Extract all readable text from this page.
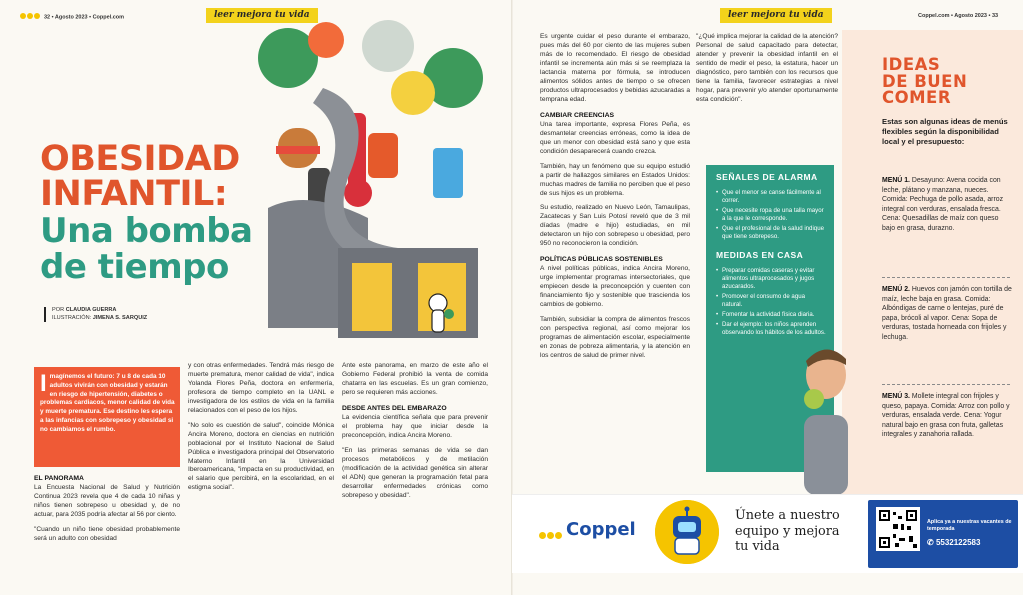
32 • Agosto 2023 • Coppel.com	leer mejora tu vida
OBESIDAD
INFANTIL:
Una bomba
de tiempo
POR CLAUDIA GUERRA
ILUSTRACIÓN: JIMENA S. SARQUIZ
Imagínemos el futuro: 7 u 8 de cada 10 adultos vivirán con obesidad y estarán en riesgo de hipertensión, diabetes o problemas cardiacos, menor calidad de vida y muerte prematura. Ese destino les espera a las infancias con sobrepeso y obesidad si no cambiamos el rumbo.
EL PANORAMA

La Encuesta Nacional de Salud y Nutrición Continua 2023 revela que 4 de cada 10 niñas y niños tienen sobrepeso u obesidad y, de no actuar, para 2035 podría afectar al 56 por ciento.

"Cuando un niño tiene obesidad probablemente será un adulto con obesidad

y con otras enfermedades. Tendrá más riesgo de muerte prematura, menor calidad de vida", indica Yolanda Flores Peña, doctora en enfermería, profesora de tiempo completo en la UANL e investigadora de los estilos de vida en la familia relacionados con el peso de los hijos.

"No solo es cuestión de salud", coincide Mónica Ancira Moreno, doctora en ciencias en nutrición poblacional por el Instituto Nacional de Salud Pública e investigadora principal del Observatorio Materno Infantil en la Universidad Iberoamericana, "impacta en su productividad, en el salario que percibirá, en la escolaridad, en el estigma social".

Ante este panorama, en marzo de este año el Gobierno Federal prohibió la venta de comida chatarra en las escuelas. Es un gran comienzo, pero se requieren más acciones.

DESDE ANTES DEL EMBARAZO

La evidencia científica señala que para prevenir el problema hay que iniciar desde la preconcepción, indica Ancira Moreno.

"En las primeras semanas de vida se dan procesos metabólicos y de metilación (modificación de la actividad genética sin alterar el ADN) que generan la programación fetal para desarrollar enfermedades crónicas como sobrepeso y obesidad".

leer mejora tu vida	Coppel.com • Agosto 2023 • 33

Es urgente cuidar el peso durante el embarazo, pues más del 60 por ciento de las mujeres suben más de lo recomendado. El riesgo de obesidad infantil se incrementa aún más si se reemplaza la lactancia materna por fórmula, se introducen alimentos sólidos antes de tiempo o se ofrecen productos ultraprocesados y bebidas azucaradas a temprana edad.

CAMBIAR CREENCIAS

Una tarea importante, expresa Flores Peña, es desmantelar creencias erróneas, como la idea de que un menor con obesidad está sano y que esta condición desaparecerá cuando crezca.

También, hay un fenómeno que su equipo estudió a partir de hallazgos similares en Estados Unidos: muchas madres de familia no perciben que el peso de sus hijos es un problema.

Su estudio, realizado en Nuevo León, Tamaulipas, Zacatecas y San Luis Potosí reveló que de 3 mil díadas (madre e hijo) estudiadas, en mil detectaron un hijo con sobrepeso u obesidad, pero 950 no reconocieron la condición.

POLÍTICAS PÚBLICAS SOSTENIBLES

A nivel políticas públicas, indica Ancira Moreno, urge implementar programas intersectoriales, que empiecen desde la preconcepción y cuenten con financiamiento fijo y sostenible que trascienda los cambios de gobierno.

También, subsidiar la compra de alimentos frescos con perspectiva regional, así como mejorar los programas de alimentación escolar, especialmente en zonas de pobreza alimentaria, y la atención en los centros de salud de primer nivel.

"¿Qué implica mejorar la calidad de la atención? Personal de salud capacitado para detectar, atender y prevenir la obesidad infantil en el sentido de medir el peso, la estatura, hacer un diagnóstico, pero también con los recursos que tiene la familia, favorecer estrategias a nivel hogar, para prevenir y/o atender oportunamente esta condición".

SEÑALES DE ALARMA
• Que el menor se canse fácilmente al correr.
• Que necesite ropa de una talla mayor a la que le corresponde.
• Que el profesional de la salud indique que tiene sobrepeso.
MEDIDAS EN CASA
• Preparar comidas caseras y evitar alimentos ultraprocesados y jugos azucarados.
• Promover el consumo de agua natural.
• Fomentar la actividad física diaria.
• Dar el ejemplo: los niños aprenden observando los hábitos de los adultos.
IDEAS
DE BUEN
COMER
Estas son algunas ideas de menús flexibles según la disponibilidad local y el presupuesto:
MENÚ 1. Desayuno: Avena cocida con leche, plátano y manzana, nueces. Comida: Pechuga de pollo asada, arroz integral con verduras, ensalada fresca. Cena: Quesadillas de maíz con queso bajo en grasa, durazno.
MENÚ 2. Huevos con jamón con tortilla de maíz, leche baja en grasa. Comida: Albóndigas de carne o lentejas, puré de papa, brócoli al vapor. Cena: Sopa de verduras, tostada horneada con frijoles y lechuga.
MENÚ 3. Mollete integral con frijoles y queso, papaya. Comida: Arroz con pollo y verduras, ensalada verde. Cena: Yogur natural bajo en grasa con fruta, galletas integrales y zanahoria rallada.
Coppel
Únete a nuestro equipo y mejora tu vida
Aplica ya a nuestras vacantes de temporada
✆ 5532122583
